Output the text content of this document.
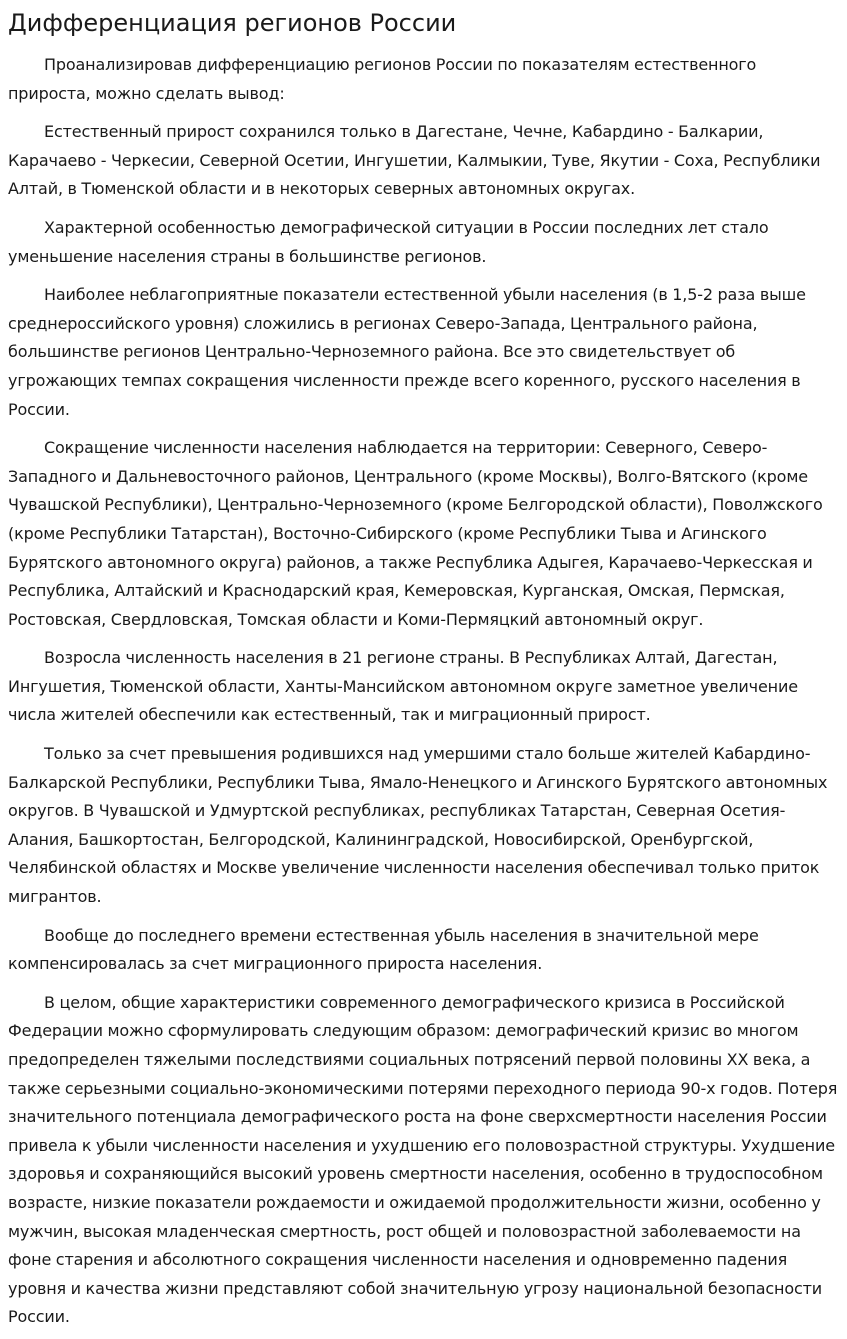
Дифференциация регионов России

Проанализировав дифференциацию регионов России по показателям естественного прироста, можно сделать вывод:

Естественный прирост сохранился только в Дагестане, Чечне, Кабардино - Балкарии, Карачаево - Черкесии, Северной Осетии, Ингушетии, Калмыкии, Туве, Якутии - Соха, Республики Алтай, в Тюменской области и в некоторых северных автономных округах.

Характерной особенностью демографической ситуации в России последних лет стало уменьшение населения страны в большинстве регионов.

Наиболее неблагоприятные показатели естественной убыли населения (в 1,5-2 раза выше среднероссийского уровня) сложились в регионах Северо-Запада, Центрального района, большинстве регионов Центрально-Черноземного района. Все это свидетельствует об угрожающих темпах сокращения численности прежде всего коренного, русского населения в России.

Сокращение численности населения наблюдается на территории: Северного, Северо-Западного и Дальневосточного районов, Центрального (кроме Москвы), Волго-Вятского (кроме Чувашской Республики), Центрально-Черноземного (кроме Белгородской области), Поволжского (кроме Республики Татарстан), Восточно-Сибирского (кроме Республики Тыва и Агинского Бурятского автономного округа) районов, а также Республика Адыгея, Карачаево-Черкесская и Республика, Алтайский и Краснодарский края, Кемеровская, Курганская, Омская, Пермская, Ростовская, Свердловская, Томская области и Коми-Пермяцкий автономный округ.

Возросла численность населения в 21 регионе страны. В Республиках Алтай, Дагестан, Ингушетия, Тюменской области, Ханты-Мансийском автономном округе заметное увеличение числа жителей обеспечили как естественный, так и миграционный прирост.

Только за счет превышения родившихся над умершими стало больше жителей Кабардино-Балкарской Республики, Республики Тыва, Ямало-Ненецкого и Агинского Бурятского автономных округов. В Чувашской и Удмуртской республиках, республиках Татарстан, Северная Осетия-Алания, Башкортостан, Белгородской, Калининградской, Новосибирской, Оренбургской, Челябинской областях и Москве увеличение численности населения обеспечивал только приток мигрантов.

Вообще до последнего времени естественная убыль населения в значительной мере компенсировалась за счет миграционного прироста населения.

В целом, общие характеристики современного демографического кризиса в Российской Федерации можно сформулировать следующим образом: демографический кризис во многом предопределен тяжелыми последствиями социальных потрясений первой половины XX века, а также серьезными социально-экономическими потерями переходного периода 90-х годов. Потеря значительного потенциала демографического роста на фоне сверхсмертности населения России привела к убыли численности населения и ухудшению его половозрастной структуры. Ухудшение здоровья и сохраняющийся высокий уровень смертности населения, особенно в трудоспособном возрасте, низкие показатели рождаемости и ожидаемой продолжительности жизни, особенно у мужчин, высокая младенческая смертность, рост общей и половозрастной заболеваемости на фоне старения и абсолютного сокращения численности населения и одновременно падения уровня и качества жизни представляют собой значительную угрозу национальной безопасности России.
